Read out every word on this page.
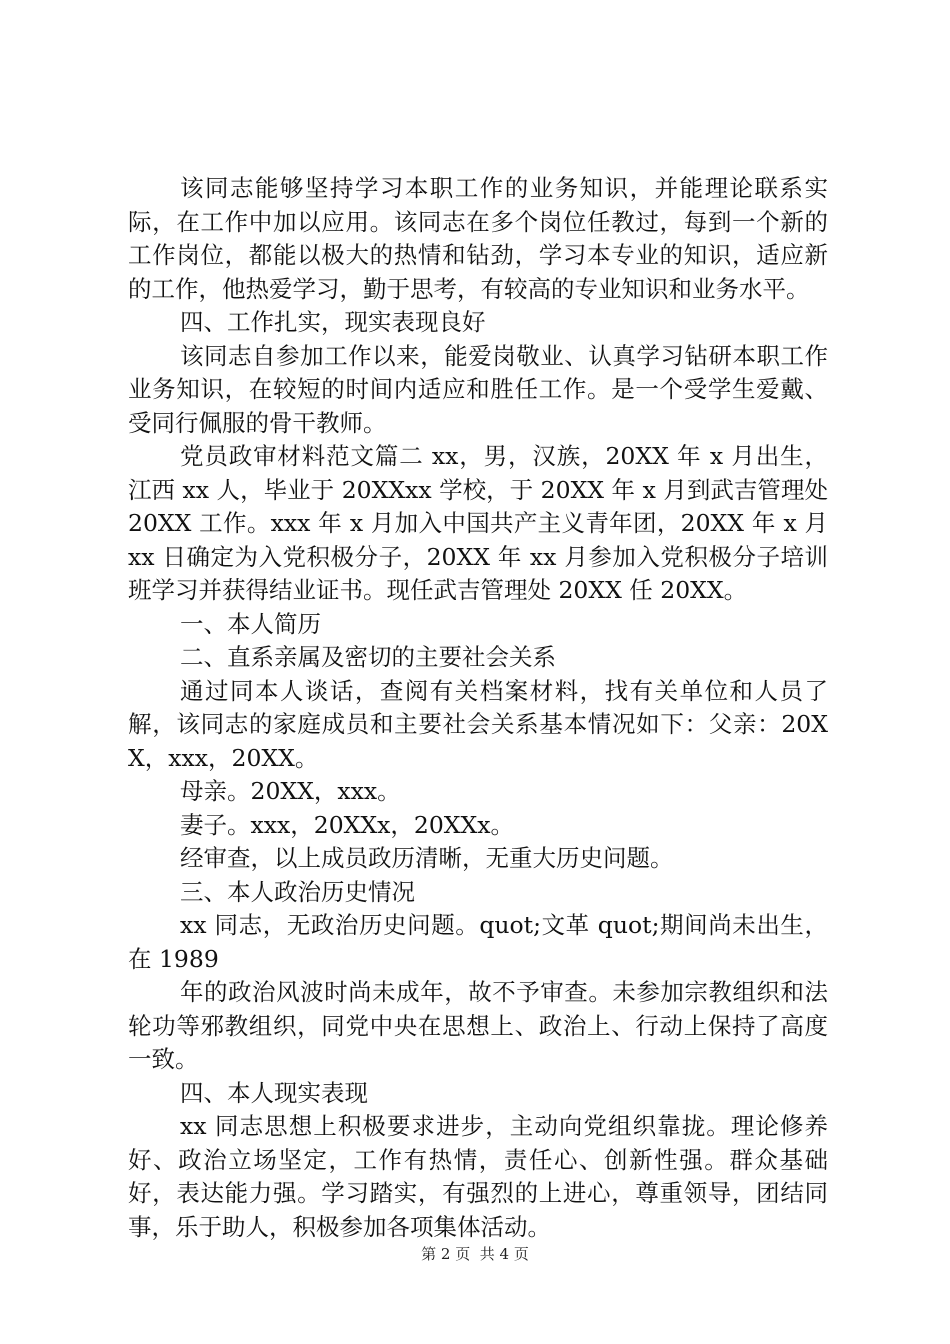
该同志能够坚持学习本职工作的业务知识，并能理论联系实际，在工作中加以应用。该同志在多个岗位任教过，每到一个新的工作岗位，都能以极大的热情和钻劲，学习本专业的知识，适应新的工作，他热爱学习，勤于思考，有较高的专业知识和业务水平。

四、工作扎实，现实表现良好

该同志自参加工作以来，能爱岗敬业、认真学习钻研本职工作业务知识，在较短的时间内适应和胜任工作。是一个受学生爱戴、受同行佩服的骨干教师。

党员政审材料范文篇二 xx，男，汉族，20XX 年 x 月出生，江西 xx 人，毕业于 20XXxx 学校，于 20XX 年 x 月到武吉管理处 20XX 工作。xxx 年 x 月加入中国共产主义青年团，20XX 年 x 月 xx 日确定为入党积极分子，20XX 年 xx 月参加入党积极分子培训班学习并获得结业证书。现任武吉管理处 20XX 任 20XX。

一、本人简历

二、直系亲属及密切的主要社会关系

通过同本人谈话，查阅有关档案材料，找有关单位和人员了解，该同志的家庭成员和主要社会关系基本情况如下：父亲：20XX，xxx，20XX。

母亲。20XX，xxx。

妻子。xxx，20XXx，20XXx。

经审查，以上成员政历清晰，无重大历史问题。

三、本人政治历史情况

xx 同志，无政治历史问题。quot;文革 quot;期间尚未出生，在 1989

年的政治风波时尚未成年，故不予审查。未参加宗教组织和法轮功等邪教组织，同党中央在思想上、政治上、行动上保持了高度一致。

四、本人现实表现

xx 同志思想上积极要求进步，主动向党组织靠拢。理论修养好、政治立场坚定，工作有热情，责任心、创新性强。群众基础好，表达能力强。学习踏实，有强烈的上进心，尊重领导，团结同事，乐于助人，积极参加各项集体活动。

第 2 页  共 4 页
